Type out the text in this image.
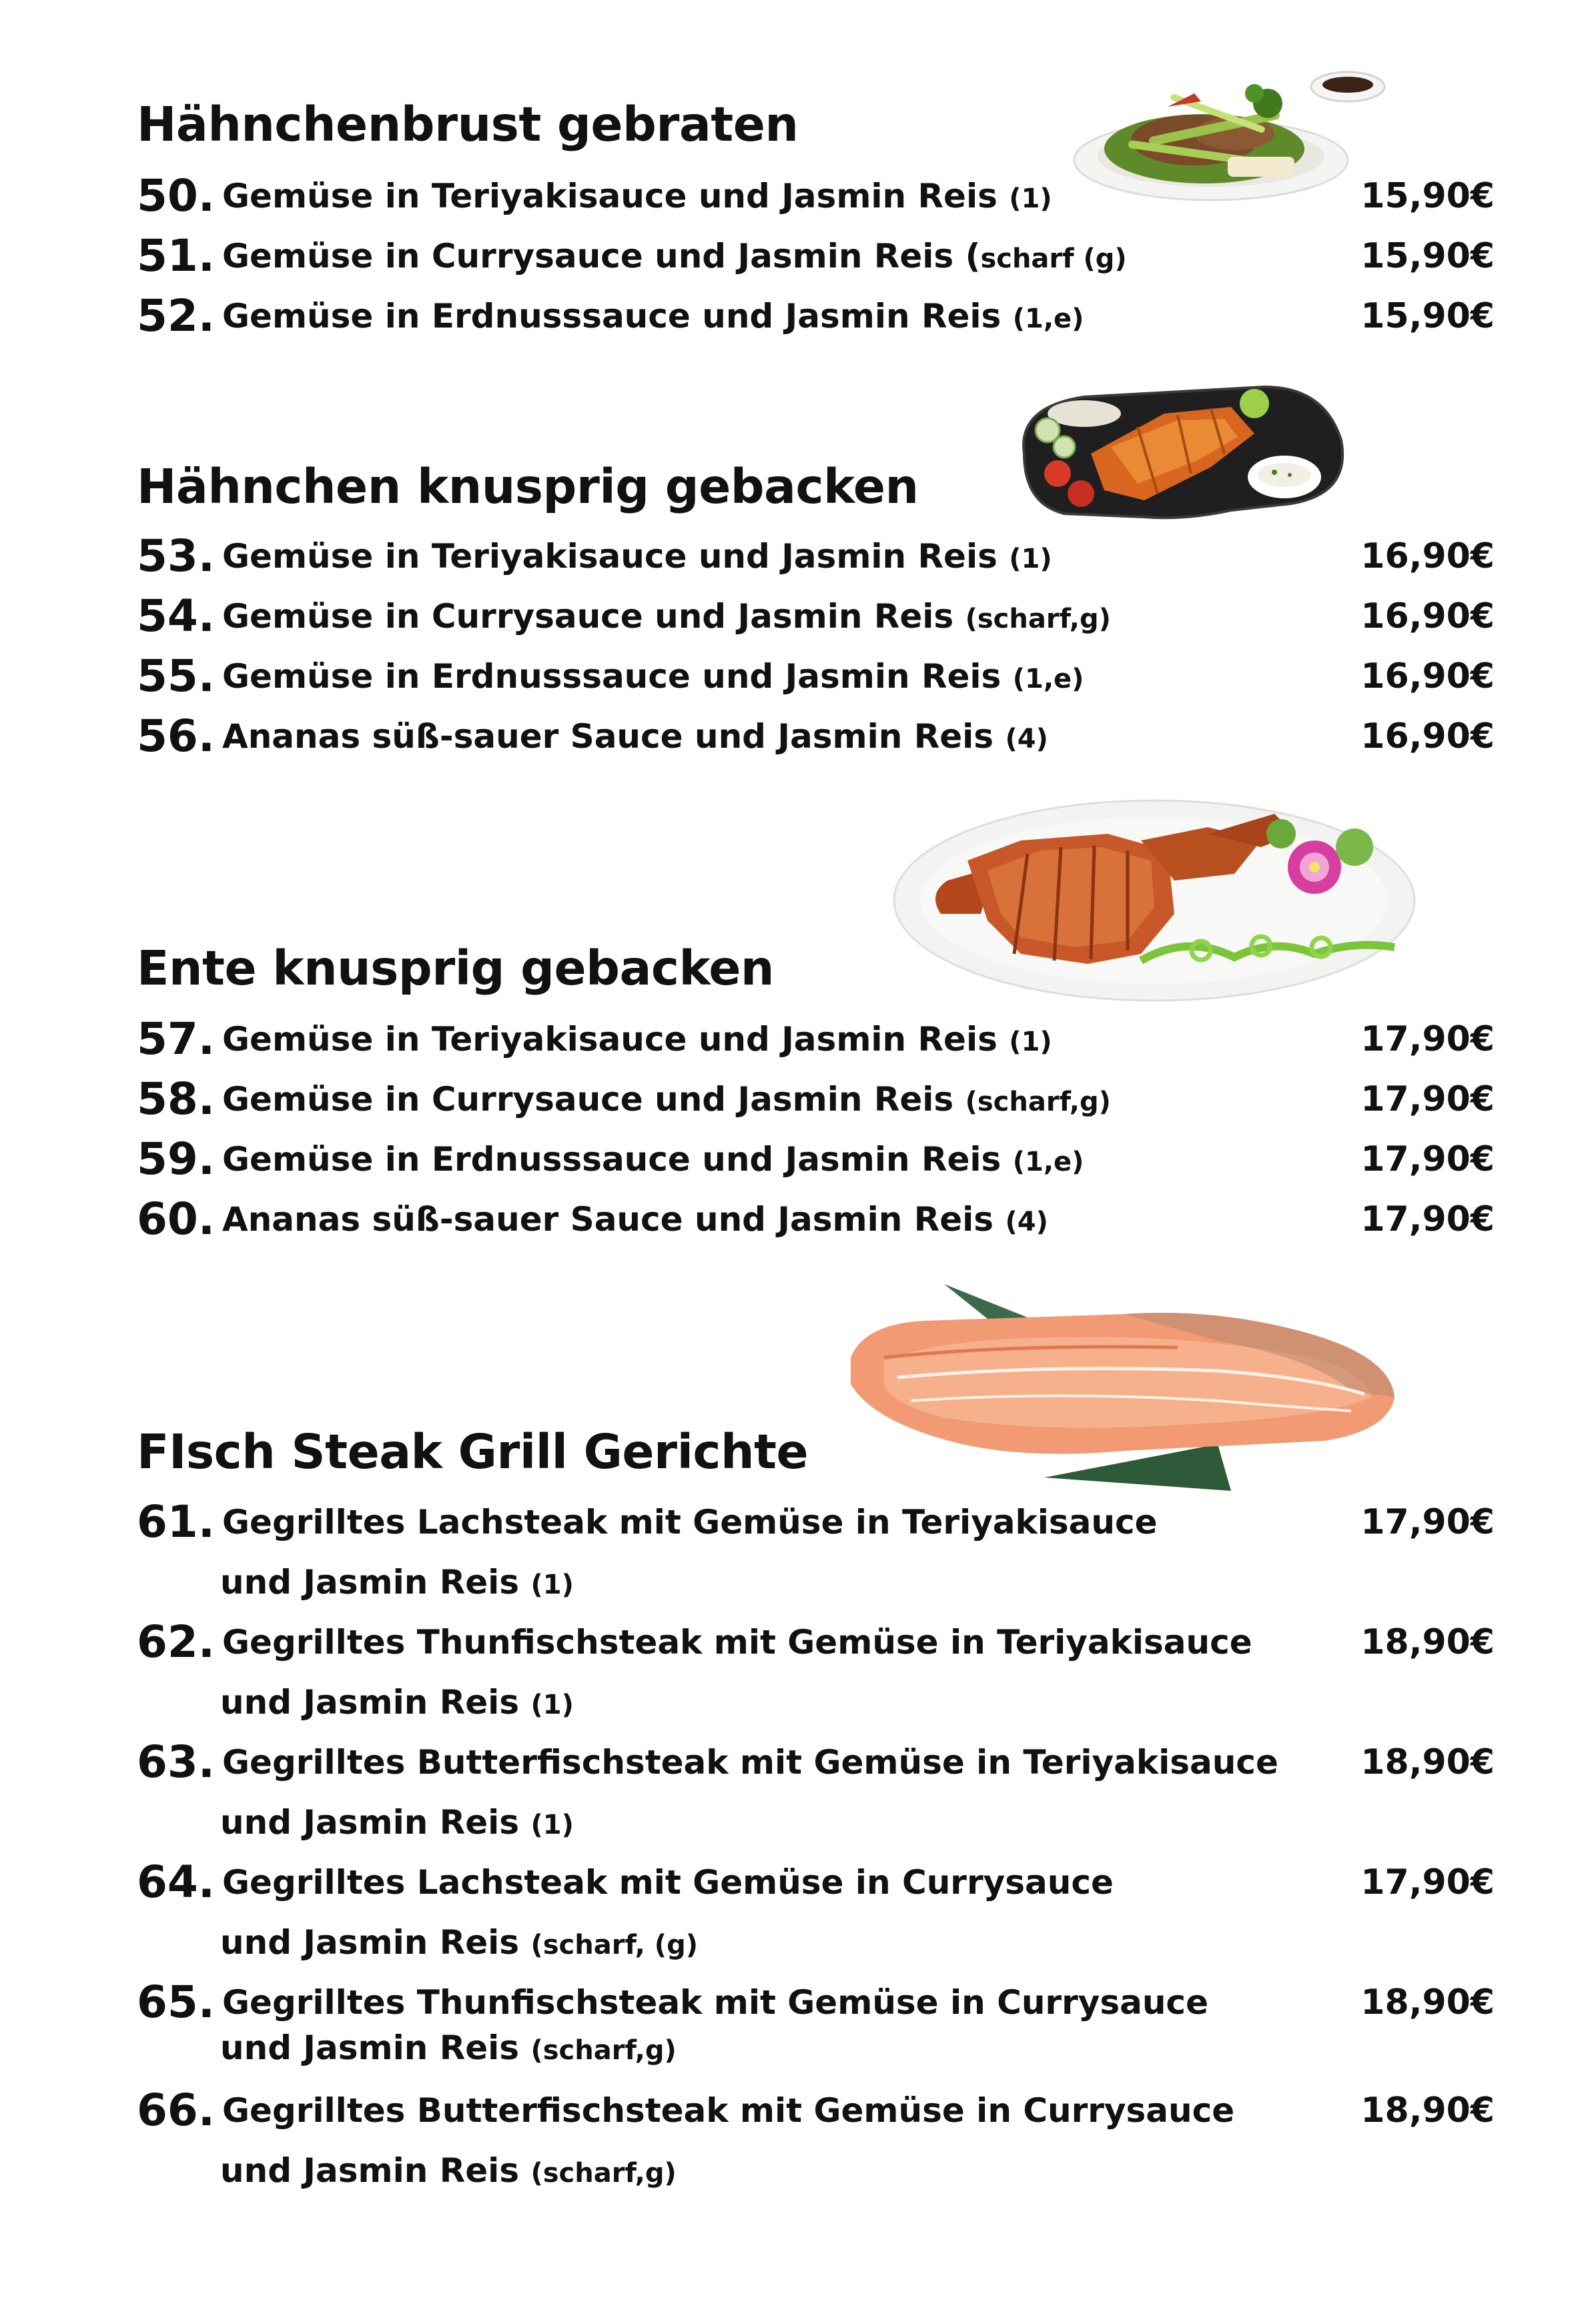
Hähnchenbrust gebraten
50. Gemüse in Teriyakisauce und Jasmin Reis (1)	15,90€
51. Gemüse in Currysauce und Jasmin Reis (scharf (g)	15,90€
52. Gemüse in Erdnusssauce und Jasmin Reis (1,e)	15,90€
Hähnchen knusprig gebacken
53. Gemüse in Teriyakisauce und Jasmin Reis (1)	16,90€
54. Gemüse in Currysauce und Jasmin Reis (scharf,g)	16,90€
55. Gemüse in Erdnusssauce und Jasmin Reis (1,e)	16,90€
56. Ananas süß-sauer Sauce und Jasmin Reis (4)	16,90€
Ente knusprig gebacken
57. Gemüse in Teriyakisauce und Jasmin Reis (1)	17,90€
58. Gemüse in Currysauce und Jasmin Reis (scharf,g)	17,90€
59. Gemüse in Erdnusssauce und Jasmin Reis (1,e)	17,90€
60. Ananas süß-sauer Sauce und Jasmin Reis (4)	17,90€
FIsch Steak Grill Gerichte
61. Gegrilltes Lachsteak mit Gemüse in Teriyakisauce
und Jasmin Reis (1)
17,90€
62. Gegrilltes Thunfischsteak mit Gemüse in Teriyakisauce
und Jasmin Reis (1)
18,90€
63. Gegrilltes Butterfischsteak mit Gemüse in Teriyakisauce
und Jasmin Reis (1)
18,90€
64. Gegrilltes Lachsteak mit Gemüse in Currysauce
und Jasmin Reis (scharf, (g)
17,90€
65. Gegrilltes Thunfischsteak mit Gemüse in Currysauce
und Jasmin Reis (scharf,g)
18,90€
66. Gegrilltes Butterfischsteak mit Gemüse in Currysauce
und Jasmin Reis (scharf,g)
18,90€
